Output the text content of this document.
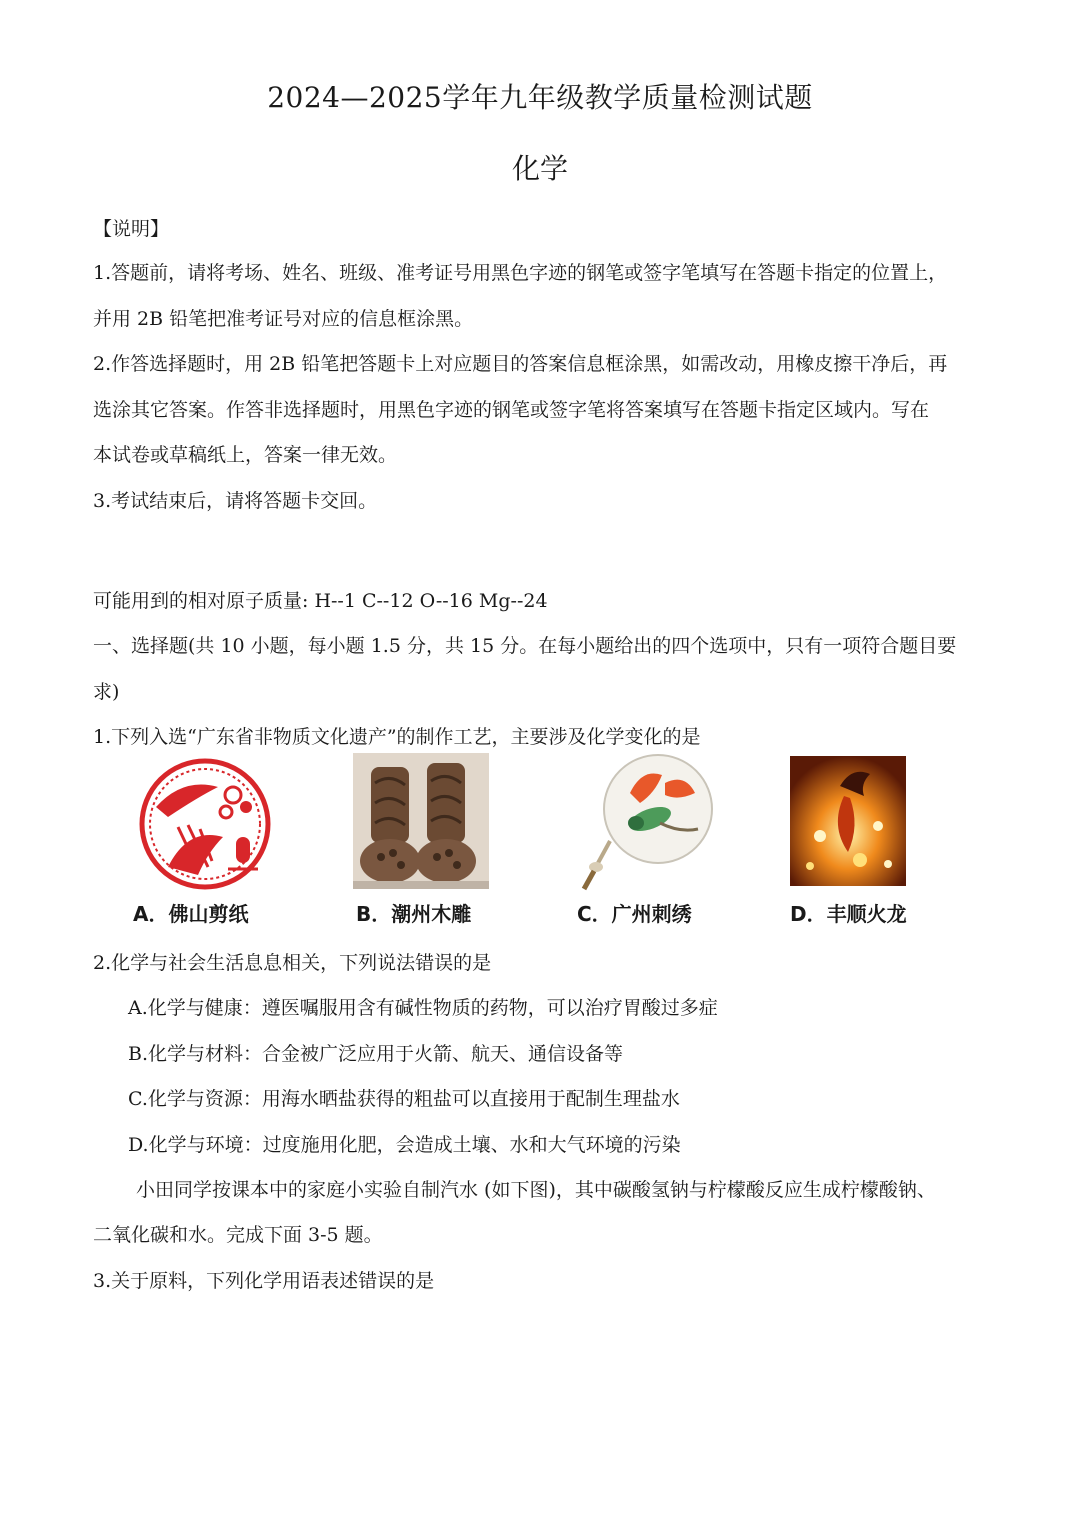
2024—2025学年九年级教学质量检测试题
化学
【说明】
1.答题前，请将考场、姓名、班级、准考证号用黑色字迹的钢笔或签字笔填写在答题卡指定的位置上，
并用 2B 铅笔把准考证号对应的信息框涂黑。
2.作答选择题时，用 2B 铅笔把答题卡上对应题目的答案信息框涂黑，如需改动，用橡皮擦干净后，再
选涂其它答案。作答非选择题时，用黑色字迹的钢笔或签字笔将答案填写在答题卡指定区域内。写在
本试卷或草稿纸上，答案一律无效。
3.考试结束后，请将答题卡交回。
可能用到的相对原子质量: H--1 C--12 O--16 Mg--24
一、选择题(共 10 小题，每小题 1.5 分，共 15 分。在每小题给出的四个选项中，只有一项符合题目要
求)
1.下列入选“广东省非物质文化遗产”的制作工艺，主要涉及化学变化的是
A．佛山剪纸	B．潮州木雕	C．广州刺绣	D．丰顺火龙
2.化学与社会生活息息相关，下列说法错误的是
A.化学与健康：遵医嘱服用含有碱性物质的药物，可以治疗胃酸过多症
B.化学与材料：合金被广泛应用于火箭、航天、通信设备等
C.化学与资源：用海水晒盐获得的粗盐可以直接用于配制生理盐水
D.化学与环境：过度施用化肥，会造成土壤、水和大气环境的污染
小田同学按课本中的家庭小实验自制汽水 (如下图)，其中碳酸氢钠与柠檬酸反应生成柠檬酸钠、
二氧化碳和水。完成下面 3-5 题。
3.关于原料，下列化学用语表述错误的是
